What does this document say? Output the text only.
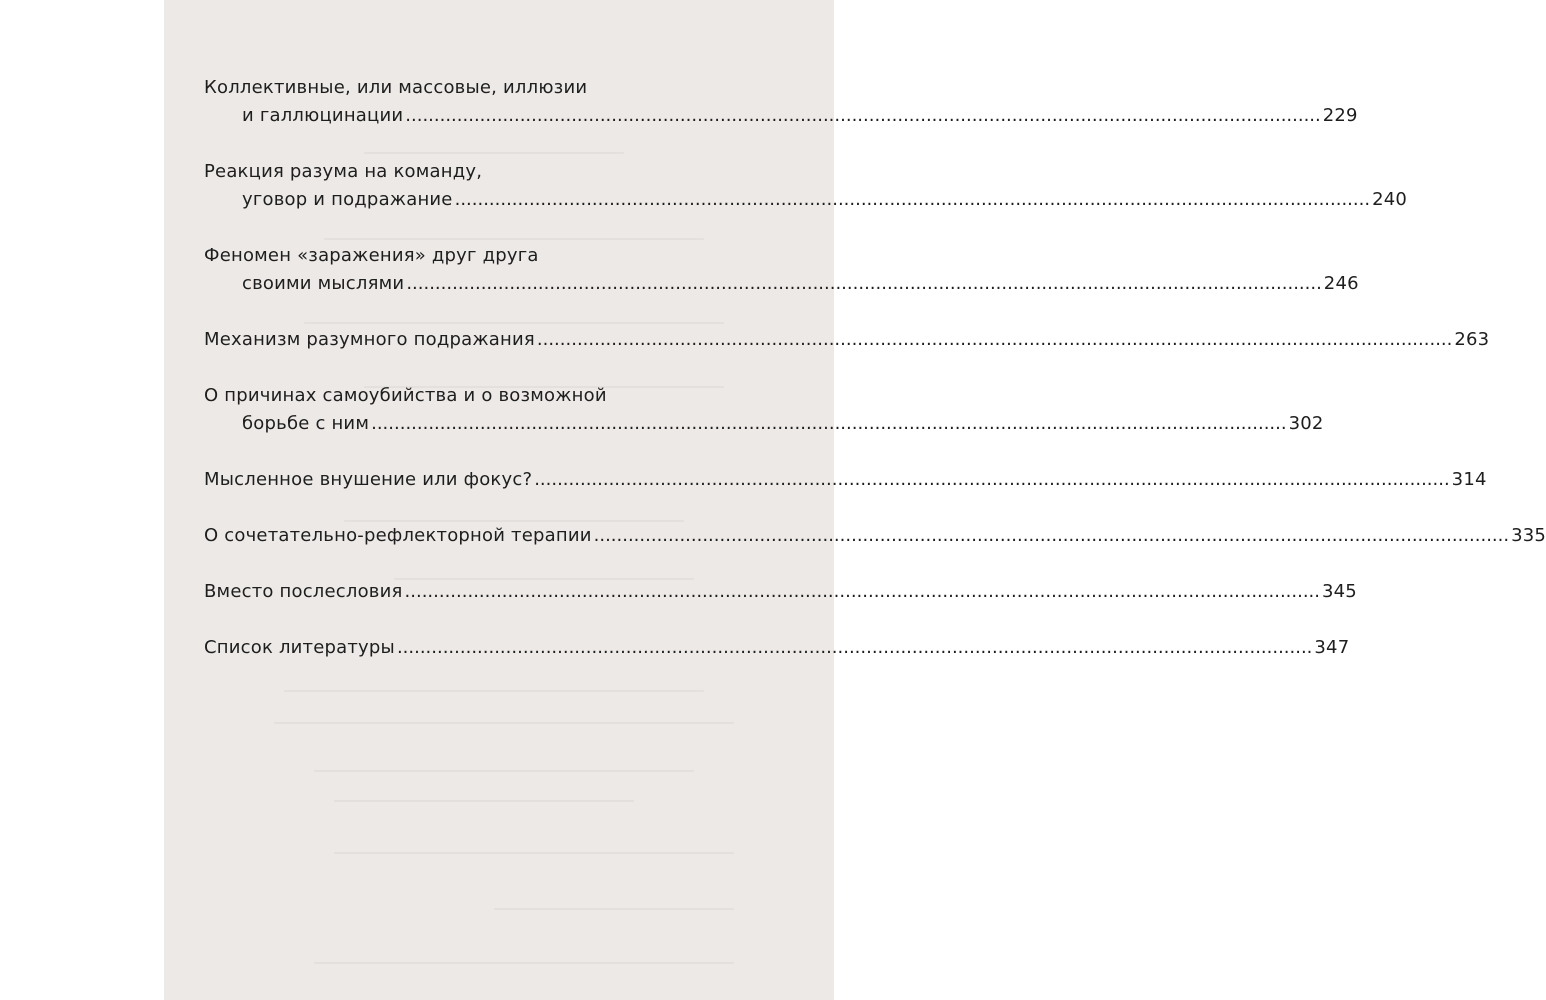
Коллективные, или массовые, иллюзии
и галлюцинации ................................................................................................................................................................ 229
Реакция разума на команду,
уговор и подражание ................................................................................................................................................................ 240
Феномен «заражения» друг друга
своими мыслями ................................................................................................................................................................ 246
Механизм разумного подражания ................................................................................................................................................................ 263
О причинах самоубийства и о возможной
борьбе с ним ................................................................................................................................................................ 302
Мысленное внушение или фокус? ................................................................................................................................................................ 314
О сочетательно-рефлекторной терапии ................................................................................................................................................................ 335
Вместо послесловия ................................................................................................................................................................ 345
Список литературы ................................................................................................................................................................ 347
